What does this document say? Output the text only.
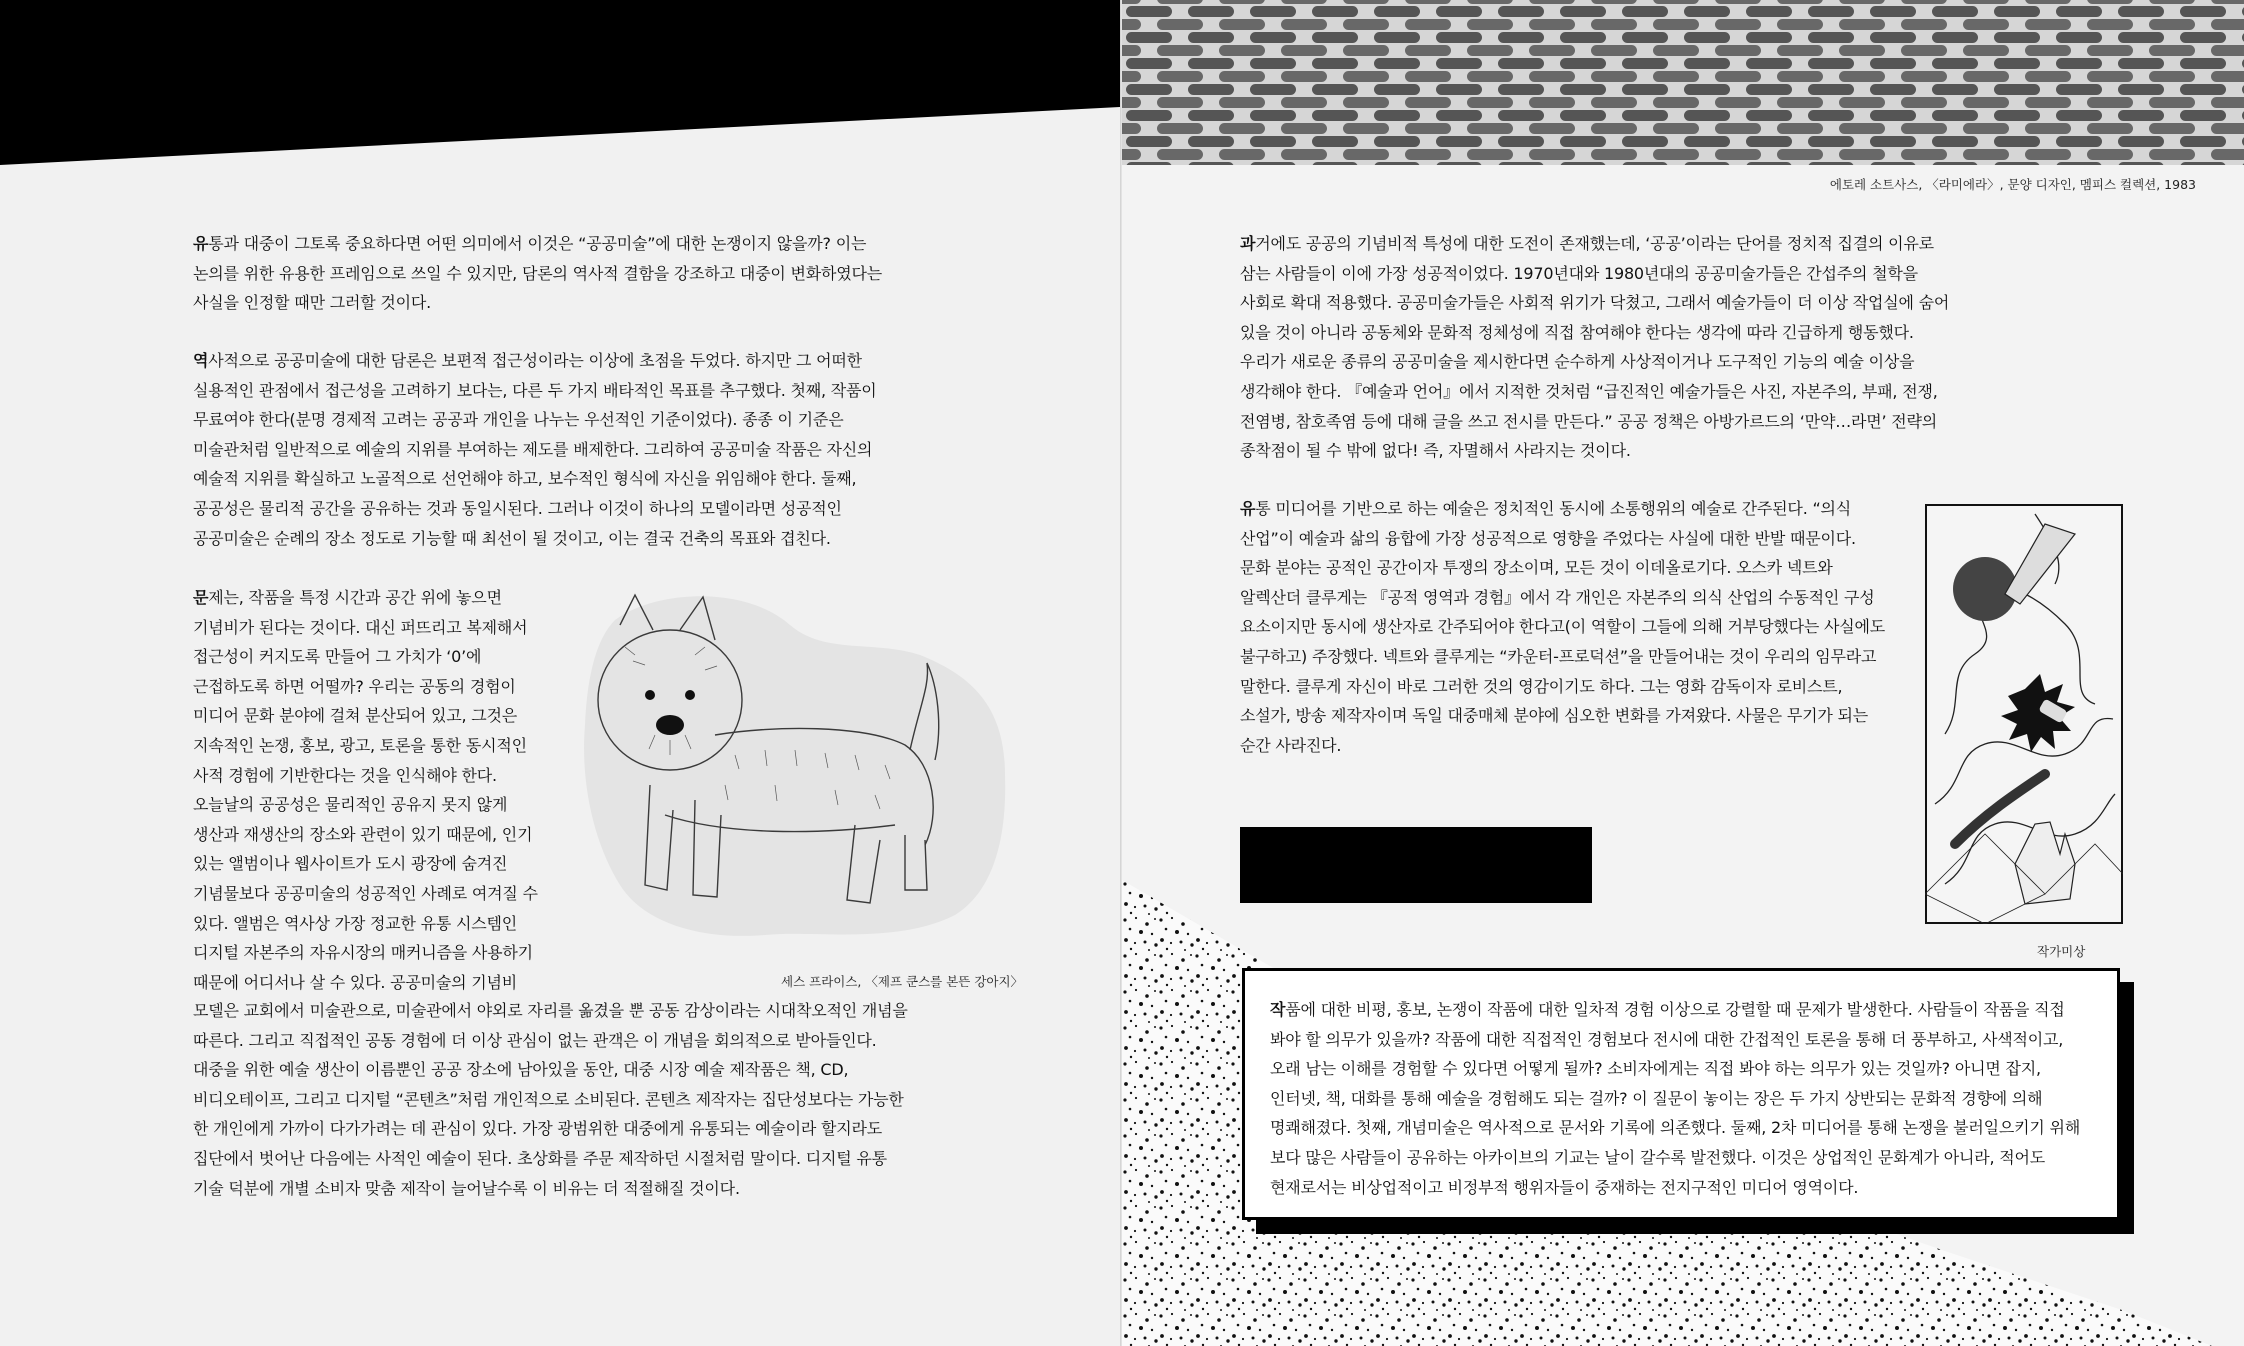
유통과 대중이 그토록 중요하다면 어떤 의미에서 이것은 “공공미술”에 대한 논쟁이지 않을까? 이는
논의를 위한 유용한 프레임으로 쓰일 수 있지만, 담론의 역사적 결함을 강조하고 대중이 변화하였다는
사실을 인정할 때만 그러할 것이다.
역사적으로 공공미술에 대한 담론은 보편적 접근성이라는 이상에 초점을 두었다. 하지만 그 어떠한
실용적인 관점에서 접근성을 고려하기 보다는, 다른 두 가지 배타적인 목표를 추구했다. 첫째, 작품이
무료여야 한다(분명 경제적 고려는 공공과 개인을 나누는 우선적인 기준이었다). 종종 이 기준은
미술관처럼 일반적으로 예술의 지위를 부여하는 제도를 배제한다. 그리하여 공공미술 작품은 자신의
예술적 지위를 확실하고 노골적으로 선언해야 하고, 보수적인 형식에 자신을 위임해야 한다. 둘째,
공공성은 물리적 공간을 공유하는 것과 동일시된다. 그러나 이것이 하나의 모델이라면 성공적인
공공미술은 순례의 장소 정도로 기능할 때 최선이 될 것이고, 이는 결국 건축의 목표와 겹친다.
문제는, 작품을 특정 시간과 공간 위에 놓으면
기념비가 된다는 것이다. 대신 퍼뜨리고 복제해서
접근성이 커지도록 만들어 그 가치가 ‘0’에
근접하도록 하면 어떨까? 우리는 공동의 경험이
미디어 문화 분야에 걸쳐 분산되어 있고, 그것은
지속적인 논쟁, 홍보, 광고, 토론을 통한 동시적인
사적 경험에 기반한다는 것을 인식해야 한다.
오늘날의 공공성은 물리적인 공유지 못지 않게
생산과 재생산의 장소와 관련이 있기 때문에, 인기
있는 앨범이나 웹사이트가 도시 광장에 숨겨진
기념물보다 공공미술의 성공적인 사례로 여겨질 수
있다. 앨범은 역사상 가장 정교한 유통 시스템인
디지털 자본주의 자유시장의 매커니즘을 사용하기
때문에 어디서나 살 수 있다. 공공미술의 기념비
모델은 교회에서 미술관으로, 미술관에서 야외로 자리를 옮겼을 뿐 공동 감상이라는 시대착오적인 개념을
따른다. 그리고 직접적인 공동 경험에 더 이상 관심이 없는 관객은 이 개념을 회의적으로 받아들인다.
대중을 위한 예술 생산이 이름뿐인 공공 장소에 남아있을 동안, 대중 시장 예술 제작품은 책, CD,
비디오테이프, 그리고 디지털 “콘텐츠”처럼 개인적으로 소비된다. 콘텐츠 제작자는 집단성보다는 가능한
한 개인에게 가까이 다가가려는 데 관심이 있다. 가장 광범위한 대중에게 유통되는 예술이라 할지라도
집단에서 벗어난 다음에는 사적인 예술이 된다. 초상화를 주문 제작하던 시절처럼 말이다. 디지털 유통
기술 덕분에 개별 소비자 맞춤 제작이 늘어날수록 이 비유는 더 적절해질 것이다.
세스 프라이스, 〈제프 쿤스를 본뜬 강아지〉
에토레 소트사스, 〈라미에라〉, 문양 디자인, 멤피스 컬렉션, 1983
과거에도 공공의 기념비적 특성에 대한 도전이 존재했는데, ‘공공’이라는 단어를 정치적 집결의 이유로
삼는 사람들이 이에 가장 성공적이었다. 1970년대와 1980년대의 공공미술가들은 간섭주의 철학을
사회로 확대 적용했다. 공공미술가들은 사회적 위기가 닥쳤고, 그래서 예술가들이 더 이상 작업실에 숨어
있을 것이 아니라 공동체와 문화적 정체성에 직접 참여해야 한다는 생각에 따라 긴급하게 행동했다.
우리가 새로운 종류의 공공미술을 제시한다면 순수하게 사상적이거나 도구적인 기능의 예술 이상을
생각해야 한다. 『예술과 언어』에서 지적한 것처럼 “급진적인 예술가들은 사진, 자본주의, 부패, 전쟁,
전염병, 참호족염 등에 대해 글을 쓰고 전시를 만든다.” 공공 정책은 아방가르드의 ‘만약…라면’ 전략의
종착점이 될 수 밖에 없다! 즉, 자멸해서 사라지는 것이다.
유통 미디어를 기반으로 하는 예술은 정치적인 동시에 소통행위의 예술로 간주된다. “의식
산업”이 예술과 삶의 융합에 가장 성공적으로 영향을 주었다는 사실에 대한 반발 때문이다.
문화 분야는 공적인 공간이자 투쟁의 장소이며, 모든 것이 이데올로기다. 오스카 넥트와
알렉산더 클루게는 『공적 영역과 경험』에서 각 개인은 자본주의 의식 산업의 수동적인 구성
요소이지만 동시에 생산자로 간주되어야 한다고(이 역할이 그들에 의해 거부당했다는 사실에도
불구하고) 주장했다. 넥트와 클루게는 “카운터-프로덕션”을 만들어내는 것이 우리의 임무라고
말한다. 클루게 자신이 바로 그러한 것의 영감이기도 하다. 그는 영화 감독이자 로비스트,
소설가, 방송 제작자이며 독일 대중매체 분야에 심오한 변화를 가져왔다. 사물은 무기가 되는
순간 사라진다.
작가미상
작품에 대한 비평, 홍보, 논쟁이 작품에 대한 일차적 경험 이상으로 강렬할 때 문제가 발생한다. 사람들이 작품을 직접
봐야 할 의무가 있을까? 작품에 대한 직접적인 경험보다 전시에 대한 간접적인 토론을 통해 더 풍부하고, 사색적이고,
오래 남는 이해를 경험할 수 있다면 어떻게 될까? 소비자에게는 직접 봐야 하는 의무가 있는 것일까? 아니면 잡지,
인터넷, 책, 대화를 통해 예술을 경험해도 되는 걸까? 이 질문이 놓이는 장은 두 가지 상반되는 문화적 경향에 의해
명쾌해졌다. 첫째, 개념미술은 역사적으로 문서와 기록에 의존했다. 둘째, 2차 미디어를 통해 논쟁을 불러일으키기 위해
보다 많은 사람들이 공유하는 아카이브의 기교는 날이 갈수록 발전했다. 이것은 상업적인 문화계가 아니라, 적어도
현재로서는 비상업적이고 비정부적 행위자들이 중재하는 전지구적인 미디어 영역이다.
